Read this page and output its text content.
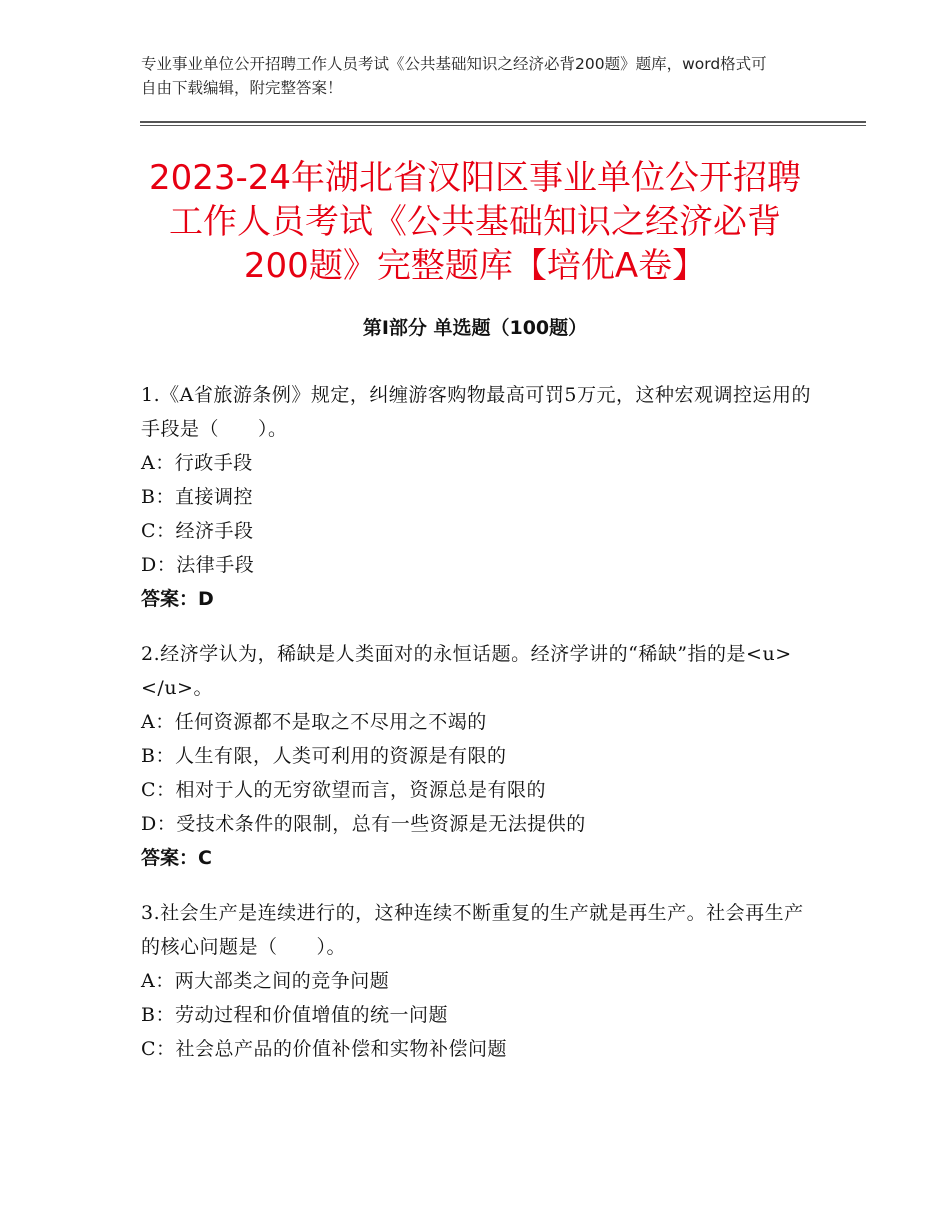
专业事业单位公开招聘工作人员考试《公共基础知识之经济必背200题》题库，word格式可自由下载编辑，附完整答案！
2023-24年湖北省汉阳区事业单位公开招聘
工作人员考试《公共基础知识之经济必背
200题》完整题库【培优A卷】
第Ⅰ部分 单选题（100题）
1.《A省旅游条例》规定，纠缠游客购物最高可罚5万元，这种宏观调控运用的手段是（　　）。
A：行政手段
B：直接调控
C：经济手段
D：法律手段
答案：D
2.经济学认为，稀缺是人类面对的永恒话题。经济学讲的“稀缺”指的是<u>　　</u>。
A：任何资源都不是取之不尽用之不竭的
B：人生有限，人类可利用的资源是有限的
C：相对于人的无穷欲望而言，资源总是有限的
D：受技术条件的限制，总有一些资源是无法提供的
答案：C
3.社会生产是连续进行的，这种连续不断重复的生产就是再生产。社会再生产的核心问题是（　　）。
A：两大部类之间的竞争问题
B：劳动过程和价值增值的统一问题
C：社会总产品的价值补偿和实物补偿问题
